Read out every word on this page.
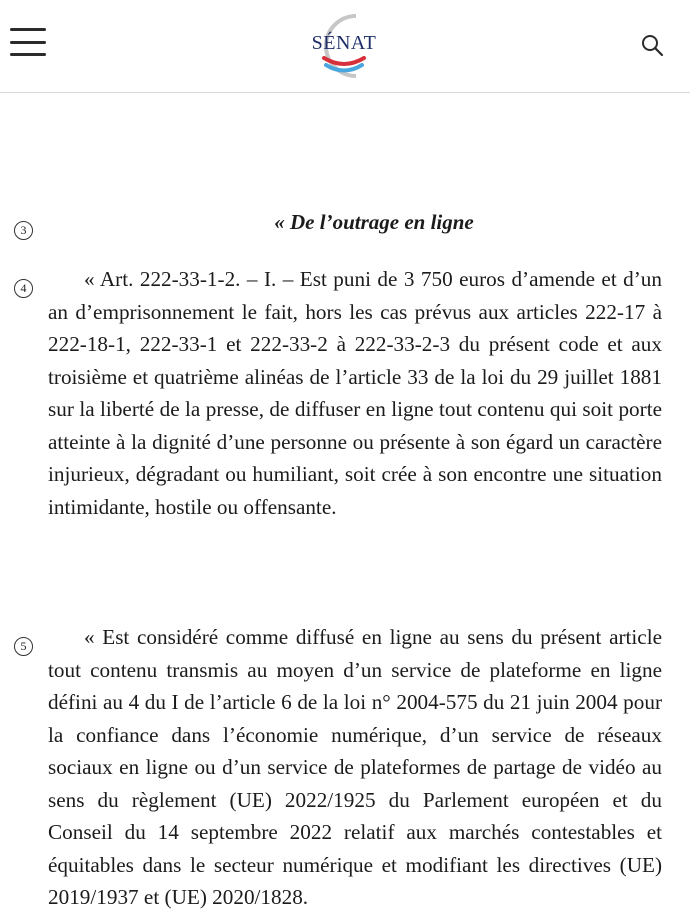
SÉNAT
3	« De l’outrage en ligne
4	« Art. 222-33-1-2. – I. – Est puni de 3 750 euros d’amende et d’un an d’emprisonnement le fait, hors les cas prévus aux articles 222-17 à 222-18-1, 222-33-1 et 222-33-2 à 222-33-2-3 du présent code et aux troisième et quatrième alinéas de l’article 33 de la loi du 29 juillet 1881 sur la liberté de la presse, de diffuser en ligne tout contenu qui soit porte atteinte à la dignité d’une personne ou présente à son égard un caractère injurieux, dégradant ou humiliant, soit crée à son encontre une situation intimidante, hostile ou offensante.
5	« Est considéré comme diffusé en ligne au sens du présent article tout contenu transmis au moyen d’un service de plateforme en ligne défini au 4 du I de l’article 6 de la loi n° 2004-575 du 21 juin 2004 pour la confiance dans l’économie numérique, d’un service de réseaux sociaux en ligne ou d’un service de plateformes de partage de vidéo au sens du règlement (UE) 2022/1925 du Parlement européen et du Conseil du 14 septembre 2022 relatif aux marchés contestables et équitables dans le secteur numérique et modifiant les directives (UE) 2019/1937 et (UE) 2020/1828.
